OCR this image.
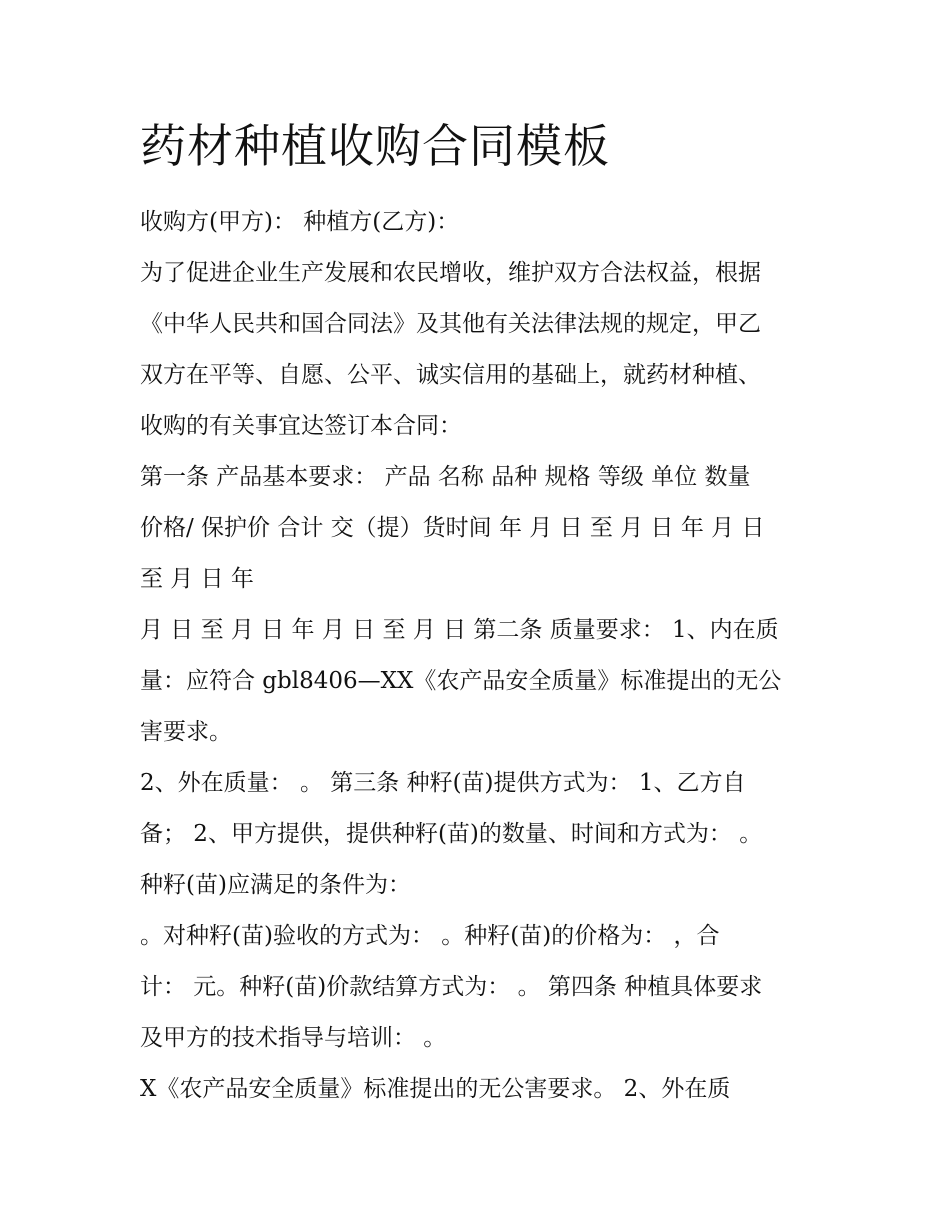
药材种植收购合同模板

收购方(甲方)： 种植方(乙方)：

为了促进企业生产发展和农民增收，维护双方合法权益，根据

《中华人民共和国合同法》及其他有关法律法规的规定，甲乙

双方在平等、自愿、公平、诚实信用的基础上，就药材种植、

收购的有关事宜达签订本合同：

第一条 产品基本要求： 产品 名称 品种 规格 等级 单位 数量

价格/ 保护价 合计 交（提）货时间 年 月 日 至 月 日 年 月 日

至 月 日 年

月 日 至 月 日 年 月 日 至 月 日 第二条 质量要求： 1、内在质

量：应符合 gbl8406—XX《农产品安全质量》标准提出的无公

害要求。

2、外在质量： 。 第三条 种籽(苗)提供方式为： 1、乙方自

备； 2、甲方提供，提供种籽(苗)的数量、时间和方式为： 。

种籽(苗)应满足的条件为：

。对种籽(苗)验收的方式为： 。种籽(苗)的价格为： ，合

计： 元。种籽(苗)价款结算方式为： 。 第四条 种植具体要求

及甲方的技术指导与培训： 。

X《农产品安全质量》标准提出的无公害要求。 2、外在质
